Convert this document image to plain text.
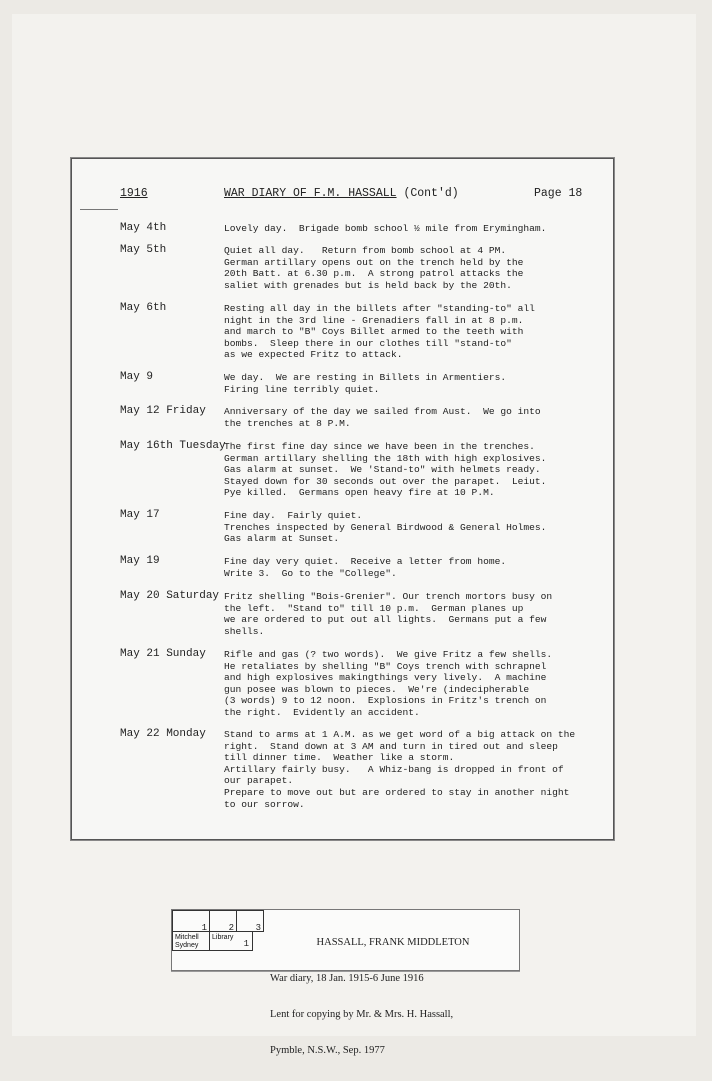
1916	WAR DIARY OF F.M. HASSALL (Cont'd)	Page 18
May 4th	Lovely day.  Brigade bomb school ½ mile from Erymingham.
May 5th	Quiet all day.   Return from bomb school at 4 PM.
German artillary opens out on the trench held by the
20th Batt. at 6.30 p.m.  A strong patrol attacks the
saliet with grenades but is held back by the 20th.
May 6th	Resting all day in the billets after "standing-to" all
night in the 3rd line - Grenadiers fall in at 8 p.m.
and march to "B" Coys Billet armed to the teeth with
bombs.  Sleep there in our clothes till "stand-to"
as we expected Fritz to attack.
May 9	We day.  We are resting in Billets in Armentiers.
Firing line terribly quiet.
May 12 Friday Anniversary of the day we sailed from Aust.  We go into
the trenches at 8 P.M.
May 16th Tuesday
The first fine day since we have been in the trenches.
German artillary shelling the 18th with high explosives.
Gas alarm at sunset.  We 'Stand-to" with helmets ready.
Stayed down for 30 seconds out over the parapet.  Leiut.
Pye killed.  Germans open heavy fire at 10 P.M.
May 17	Fine day.  Fairly quiet.
Trenches inspected by General Birdwood & General Holmes.
Gas alarm at Sunset.
May 19	Fine day very quiet.  Receive a letter from home.
Write 3.  Go to the "College".
May 20 Saturday Fritz shelling "Bois-Grenier". Our trench mortors busy on
the left.  "Stand to" till 10 p.m.  German planes up
we are ordered to put out all lights.  Germans put a few
shells.
May 21 Sunday Rifle and gas (? two words).  We give Fritz a few shells.
He retaliates by shelling "B" Coys trench with schrapnel
and high explosives makingthings very lively.  A machine
gun posee was blown to pieces.  We're (indecipherable
(3 words) 9 to 12 noon.  Explosions in Fritz's trench on
the right.  Evidently an accident.
May 22 Monday Stand to arms at 1 A.M. as we get word of a big attack on the
right.  Stand down at 3 AM and turn in tired out and sleep
till dinner time.  Weather like a storm.
Artillary fairly busy.   A Whiz-bang is dropped in front of
our parapet.
Prepare to move out but are ordered to stay in another night
to our sorrow.
1	2	3
Mitchell
Sydney
Library
1

	HASSALL, FRANK MIDDLETON

War diary, 18 Jan. 1915-6 June 1916

Lent for copying by Mr. & Mrs. H. Hassall,

Pymble, N.S.W., Sep. 1977
